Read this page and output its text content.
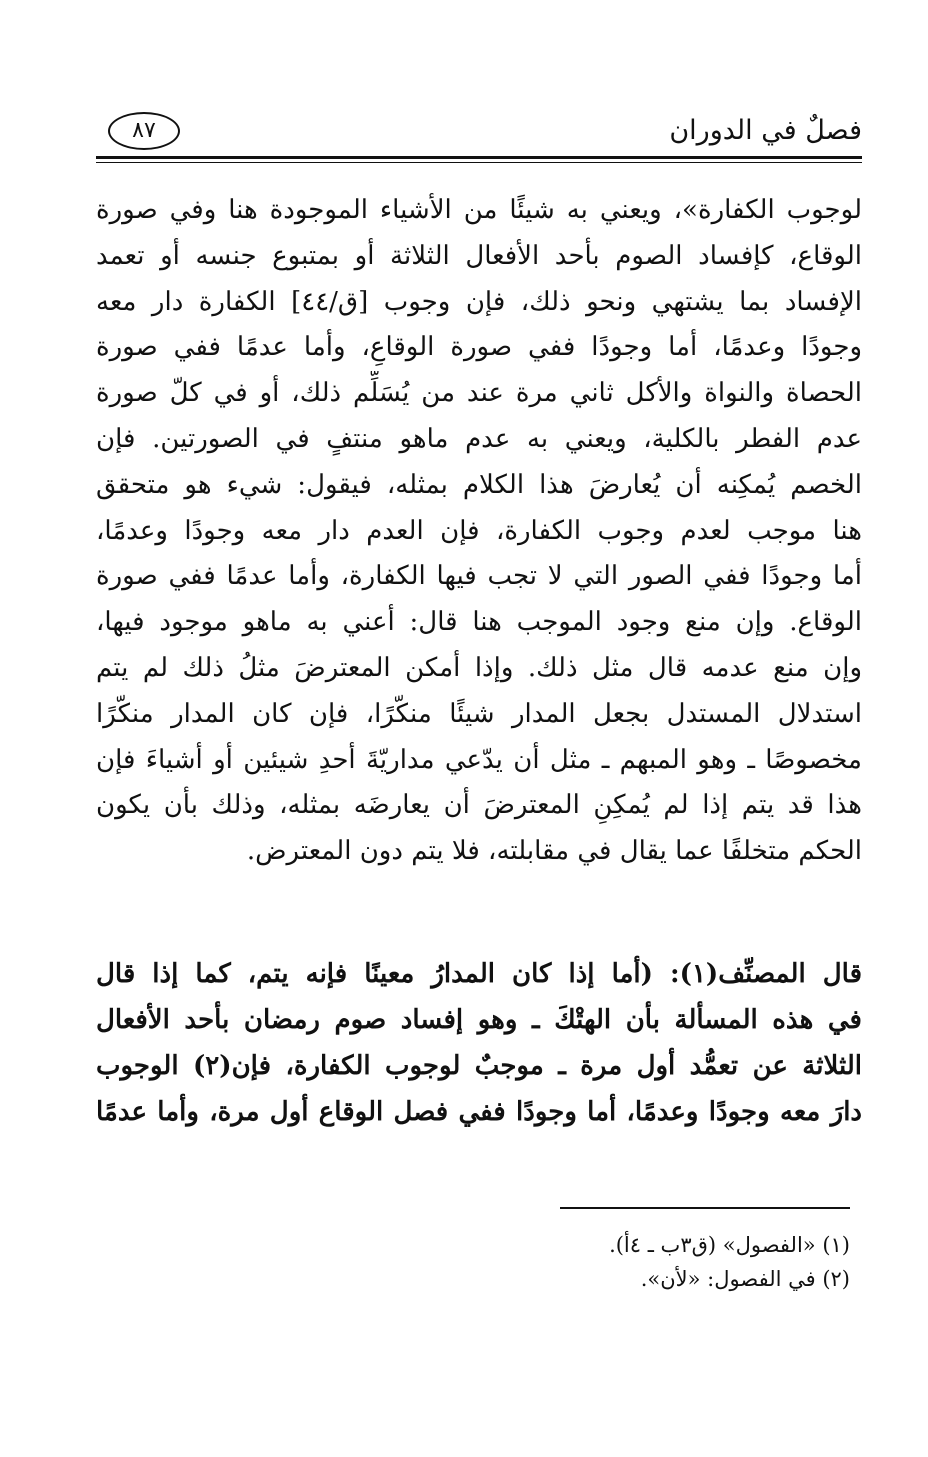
فصلٌ في الدوران
٨٧
لوجوب الكفارة»، ويعني به شيئًا من الأشياء الموجودة هنا وفي صورة
الوقاع، كإفساد الصوم بأحد الأفعال الثلاثة أو بمتبوع جنسه أو تعمد
الإفساد بما يشتهي ونحو ذلك، فإن وجوب [ق/٤٤] الكفارة دار معه
وجودًا وعدمًا، أما وجودًا ففي صورة الوقاعِ، وأما عدمًا ففي صورة
الحصاة والنواة والأكل ثاني مرة عند من يُسَلِّم ذلك، أو في كلّ صورة
عدم الفطر بالكلية، ويعني به عدم ماهو منتفٍ في الصورتين. فإن
الخصم يُمكِنه أن يُعارضَ هذا الكلام بمثله، فيقول: شيء هو متحقق
هنا موجب لعدم وجوب الكفارة، فإن العدم دار معه وجودًا وعدمًا،
أما وجودًا ففي الصور التي لا تجب فيها الكفارة، وأما عدمًا ففي صورة
الوقاع. وإن منع وجود الموجب هنا قال: أعني به ماهو موجود فيها،
وإن منع عدمه قال مثل ذلك. وإذا أمكن المعترضَ مثلُ ذلك لم يتم
استدلال المستدل بجعل المدار شيئًا منكّرًا، فإن كان المدار منكّرًا
مخصوصًا ـ وهو المبهم ـ مثل أن يدّعي مداريّةَ أحدِ شيئين أو أشياءَ فإن
هذا قد يتم إذا لم يُمكِنِ المعترضَ أن يعارضَه بمثله، وذلك بأن يكون
الحكم متخلفًا عما يقال في مقابلته، فلا يتم دون المعترض.
قال المصنِّف(١): (أما إذا كان المدارُ معينًا فإنه يتم، كما إذا قال
في هذه المسألة بأن الهتْكَ ـ وهو إفساد صوم رمضان بأحد الأفعال
الثلاثة عن تعمُّد أول مرة ـ موجبٌ لوجوب الكفارة، فإن(٢) الوجوب
دارَ معه وجودًا وعدمًا، أما وجودًا ففي فصل الوقاع أول مرة، وأما عدمًا
(١) «الفصول» (ق٣ب ـ ٤أ).
(٢) في الفصول: «لأن».
